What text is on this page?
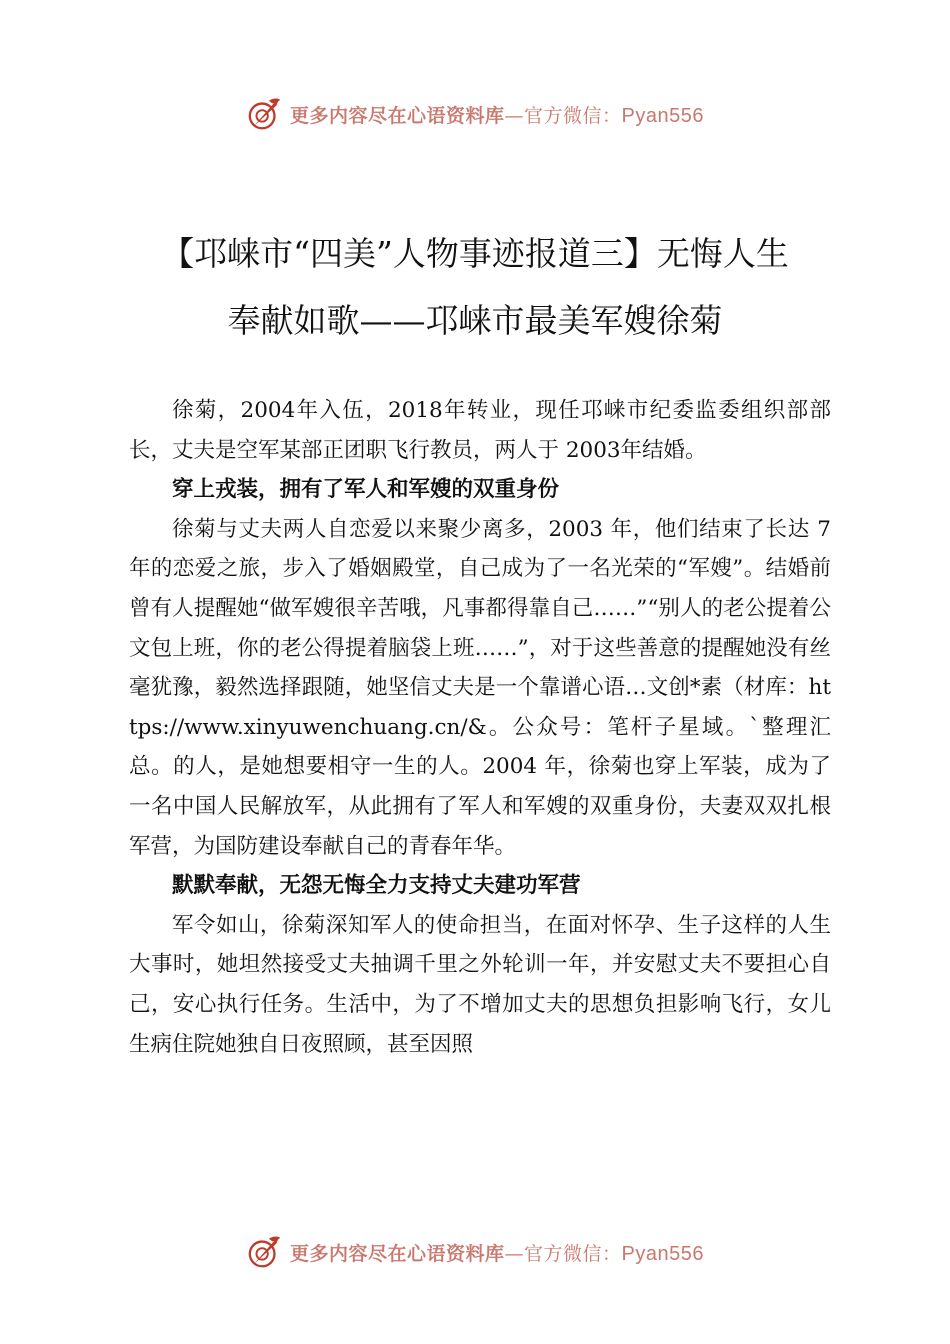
更多内容尽在心语资料库—官方微信：Pyan556
【邛崃市“四美”人物事迹报道三】无悔人生
奉献如歌——邛崃市最美军嫂徐菊

徐菊，2004年入伍，2018年转业，现任邛崃市纪委监委组织部部长，丈夫是空军某部正团职飞行教员，两人于 2003年结婚。

穿上戎装，拥有了军人和军嫂的双重身份

徐菊与丈夫两人自恋爱以来聚少离多，2003 年，他们结束了长达 7 年的恋爱之旅，步入了婚姻殿堂，自己成为了一名光荣的“军嫂”。结婚前曾有人提醒她“做军嫂很辛苦哦，凡事都得靠自己……”“别人的老公提着公文包上班，你的老公得提着脑袋上班……”，对于这些善意的提醒她没有丝毫犹豫，毅然选择跟随，她坚信丈夫是一个靠谱心语…文创*素（材库：https://www.xinyuwenchuang.cn/&。公众号：笔杆子星域。`整理汇总。的人，是她想要相守一生的人。2004 年，徐菊也穿上军装，成为了一名中国人民解放军，从此拥有了军人和军嫂的双重身份，夫妻双双扎根军营，为国防建设奉献自己的青春年华。

默默奉献，无怨无悔全力支持丈夫建功军营

军令如山，徐菊深知军人的使命担当，在面对怀孕、生子这样的人生大事时，她坦然接受丈夫抽调千里之外轮训一年，并安慰丈夫不要担心自己，安心执行任务。生活中，为了不增加丈夫的思想负担影响飞行，女儿生病住院她独自日夜照顾，甚至因照

更多内容尽在心语资料库—官方微信：Pyan556
